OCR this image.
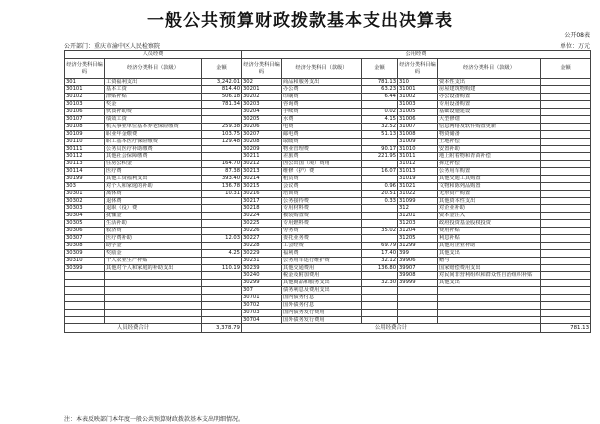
一般公共预算财政拨款基本支出决算表
公开08表
公开部门：重庆市渝中区人民检察院	单位：万元
人员经费			公用经费					
经济分类科目编码	经济分类科目（款级）	金额	经济分类科目编码	经济分类科目（款级）	金额	经济分类科目编码	经济分类科目（款级）	金额
301	工资福利支出	3,242.01	302	商品和服务支出	781.13	310	资本性支出	
30101	基本工资	814.40	30201	办公费	63.23	31001	房屋建筑物购建	
30102	津贴补贴	506.18	30202	印刷费	6.44	31002	办公设备购置	
30103	奖金	781.34	30203	咨询费		31003	专用设备购置	
30106	伙食补助费		30204	手续费	0.02	31005	基础设施建设	
30107	绩效工资		30205	水费	4.15	31006	大型修缮	
30108	机关事业单位基本养老保险缴费	259.38	30206	电费	32.52	31007	信息网络及软件购置更新	
30109	职业年金缴费	103.75	30207	邮电费	51.13	31008	物资储备	
30110	职工基本医疗保险缴费	129.48	30208	取暖费		31009	土地补偿	
30111	公务员医疗补助缴费		30209	物业管理费	90.17	31010	安置补助	
30112	其他社会保障缴费		30211	差旅费	221.95	31011	地上附着物和青苗补偿	
30113	住房公积金	164.70	30212	因公出国（境）费用		31012	拆迁补偿	
30114	医疗费	87.38	30213	维修（护）费	16.07	31013	公务用车购置	
30199	其他工资福利支出	393.40	30214	租赁费		31019	其他交通工具购置	
303	对个人和家庭的补助	136.78	30215	会议费	0.96	31021	文物和陈列品购置	
30301	离休费	10.31	30216	培训费	20.51	31022	无形资产购置	
30302	退休费		30217	公务接待费	0.33	31099	其他资本性支出	
30303	退职（役）费		30218	专用材料费		312	对企业补助	
30304	抚恤金		30224	被装购置费		31201	资本金注入	
30305	生活补助		30225	专用燃料费		31203	政府投资基金股权投资	
30306	救济费		30226	劳务费	35.02	31204	费用补贴	
30307	医疗费补助	12.03	30227	委托业务费		31205	利息补贴	
30308	助学金		30228	工会经费	69.79	31299	其他对企业补助	
30309	奖励金	4.25	30229	福利费	17.40	399	其他支出	
30310	个人农业生产补贴		30231	公务用车运行维护费	32.12	39906	赠与	
30399	其他对个人和家庭的补助支出	110.19	30239	其他交通费用	136.80	39907	国家赔偿费用支出	
			30240	税金及附加费用		39908	对民间非营利组织和群众性自治组织补贴	
			30299	其他商品和服务支出	32.30	39999	其他支出	
			307	债务利息及费用支出				
			30701	国内债务付息				
			30702	国外债务付息				
			30703	国内债务发行费用				
			30704	国外债务发行费用				
人员经费合计		3,378.79	公用经费合计					781.13
注：本表反映部门本年度一般公共预算财政拨款基本支出明细情况。
